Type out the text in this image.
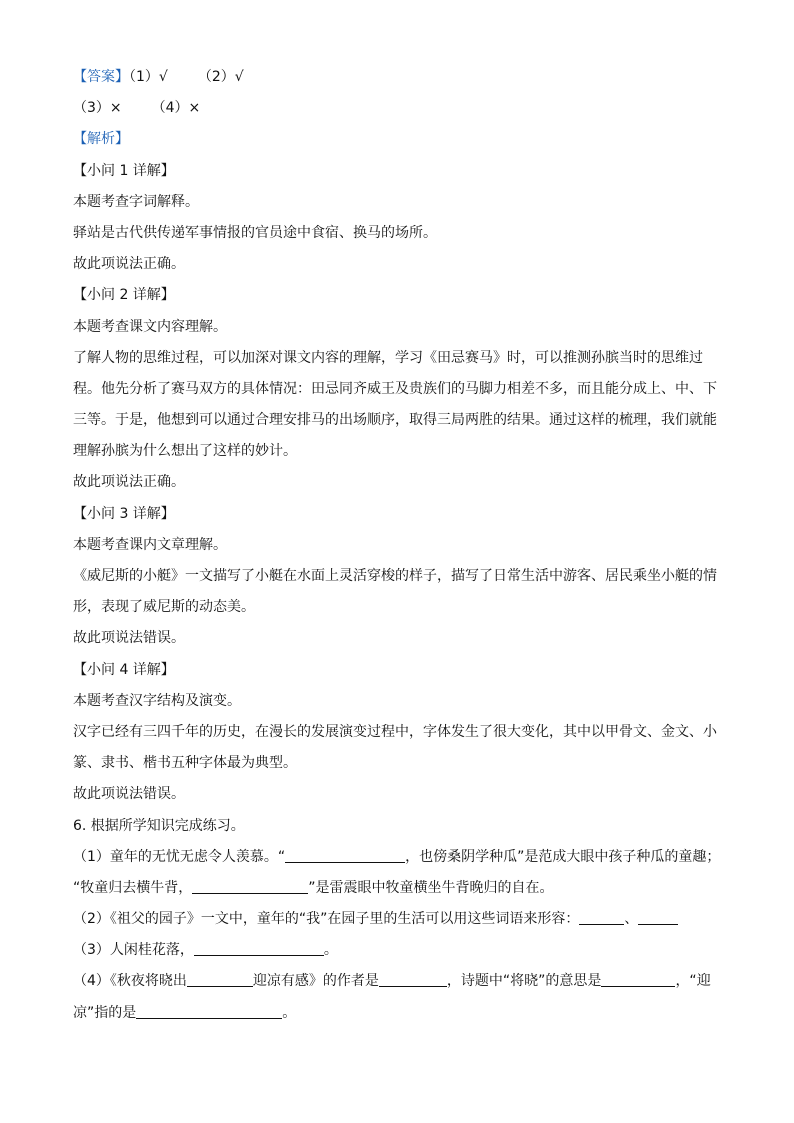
【答案】（1）√ （2）√
（3）× （4）×
【解析】
【小问 1 详解】
本题考查字词解释。
驿站是古代供传递军事情报的官员途中食宿、换马的场所。
故此项说法正确。
【小问 2 详解】
本题考查课文内容理解。
了解人物的思维过程，可以加深对课文内容的理解，学习《田忌赛马》时，可以推测孙膑当时的思维过
程。他先分析了赛马双方的具体情况：田忌同齐威王及贵族们的马脚力相差不多，而且能分成上、中、下
三等。于是，他想到可以通过合理安排马的出场顺序，取得三局两胜的结果。通过这样的梳理，我们就能
理解孙膑为什么想出了这样的妙计。
故此项说法正确。
【小问 3 详解】
本题考查课内文章理解。
《威尼斯的小艇》一文描写了小艇在水面上灵活穿梭的样子，描写了日常生活中游客、居民乘坐小艇的情
形，表现了威尼斯的动态美。
故此项说法错误。
【小问 4 详解】
本题考查汉字结构及演变。
汉字已经有三四千年的历史，在漫长的发展演变过程中，字体发生了很大变化，其中以甲骨文、金文、小
篆、隶书、楷书五种字体最为典型。
故此项说法错误。
6. 根据所学知识完成练习。
（1）童年的无忧无虑令人羡慕。“	，也傍桑阴学种瓜”是范成大眼中孩子种瓜的童趣；
“牧童归去横牛背，	”是雷震眼中牧童横坐牛背晚归的自在。
（2）《祖父的园子》一文中，童年的“我”在园子里的生活可以用这些词语来形容：	、
（3）人闲桂花落，	。
（4）《秋夜将晓出	迎凉有感》的作者是	，诗题中“将晓”的意思是	，“迎
凉”指的是	。
